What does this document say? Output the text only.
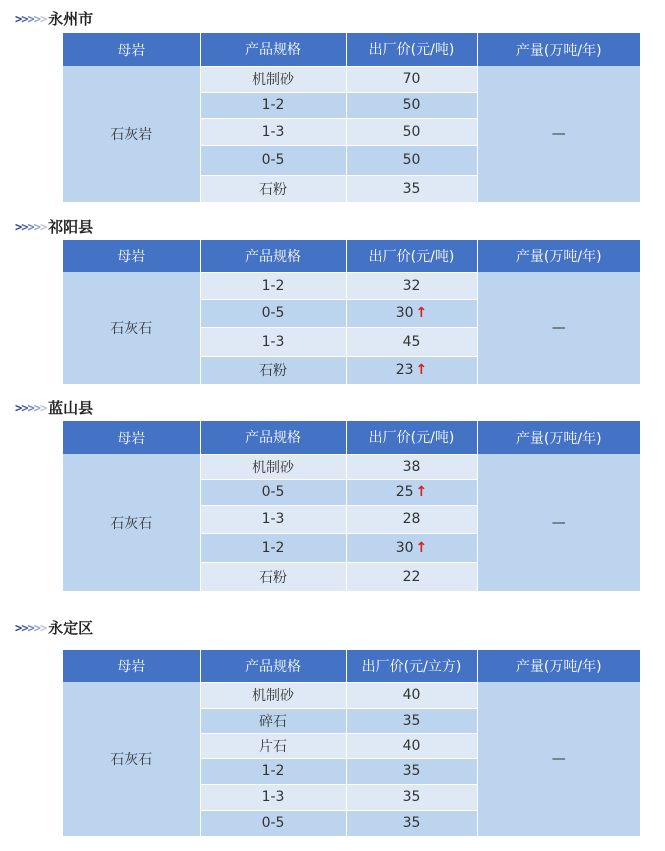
>>>>> 永州市
母岩	产品规格	出厂价(元/吨)	产量(万吨/年)
石灰岩	机制砂	70	—
	1-2	50	
	1-3	50	
	0-5	50	
	石粉	35	
>>>>> 祁阳县
母岩	产品规格	出厂价(元/吨)	产量(万吨/年)
石灰石	1-2	32	—
	0-5	30 ↑	
	1-3	45	
	石粉	23 ↑	
>>>>> 蓝山县
母岩	产品规格	出厂价(元/吨)	产量(万吨/年)
石灰石	机制砂	38	—
	0-5	25 ↑	
	1-3	28	
	1-2	30 ↑	
	石粉	22	
>>>>> 永定区
母岩	产品规格	出厂价(元/立方)	产量(万吨/年)
石灰石	机制砂	40	—
	碎石	35	
	片石	40	
	1-2	35	
	1-3	35	
	0-5	35	
